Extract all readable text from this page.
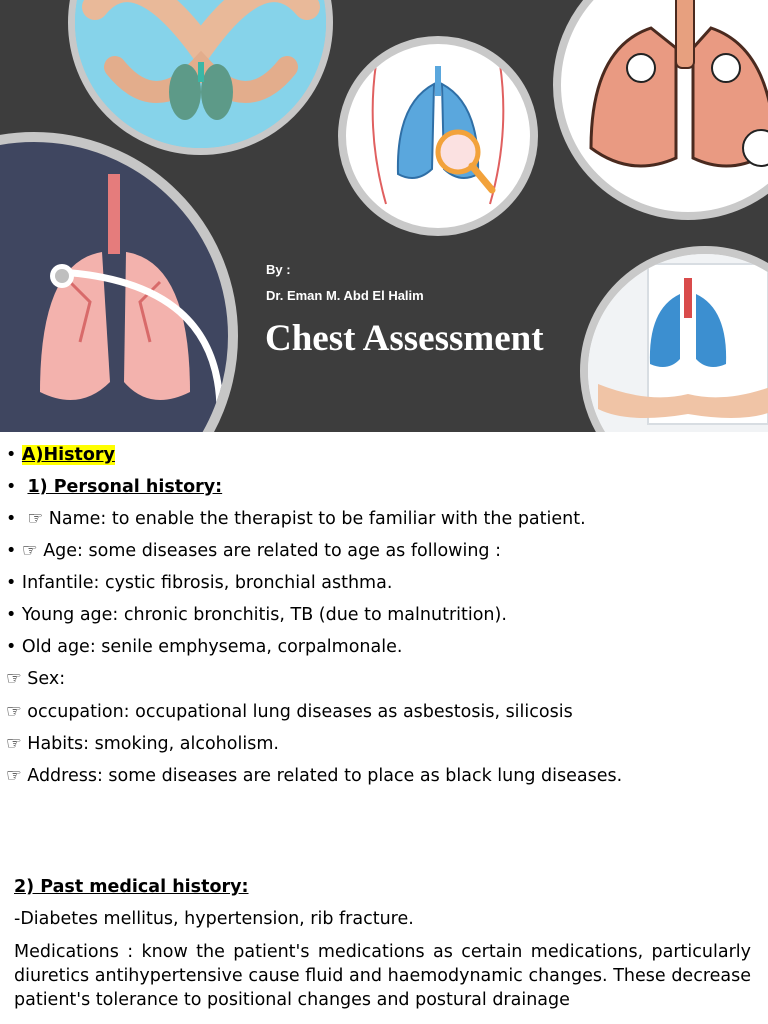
By :
Dr. Eman M. Abd El Halim
Chest Assessment
• A)History
• 1) Personal history:
• ☞ Name: to enable the therapist to be familiar with the patient.
• ☞ Age: some diseases are related to age as following :
• Infantile: cystic fibrosis, bronchial asthma.
• Young age: chronic bronchitis, TB (due to malnutrition).
• Old age: senile emphysema, corpalmonale.
☞ Sex:
☞ occupation: occupational lung diseases as asbestosis, silicosis
☞ Habits: smoking, alcoholism.
☞ Address: some diseases are related to place as black lung diseases.
2) Past medical history:
-Diabetes mellitus, hypertension, rib fracture.
Medications : know the patient's medications as certain medications, particularly diuretics antihypertensive cause fluid and haemodynamic changes. These decrease patient's tolerance to positional changes and postural drainage
